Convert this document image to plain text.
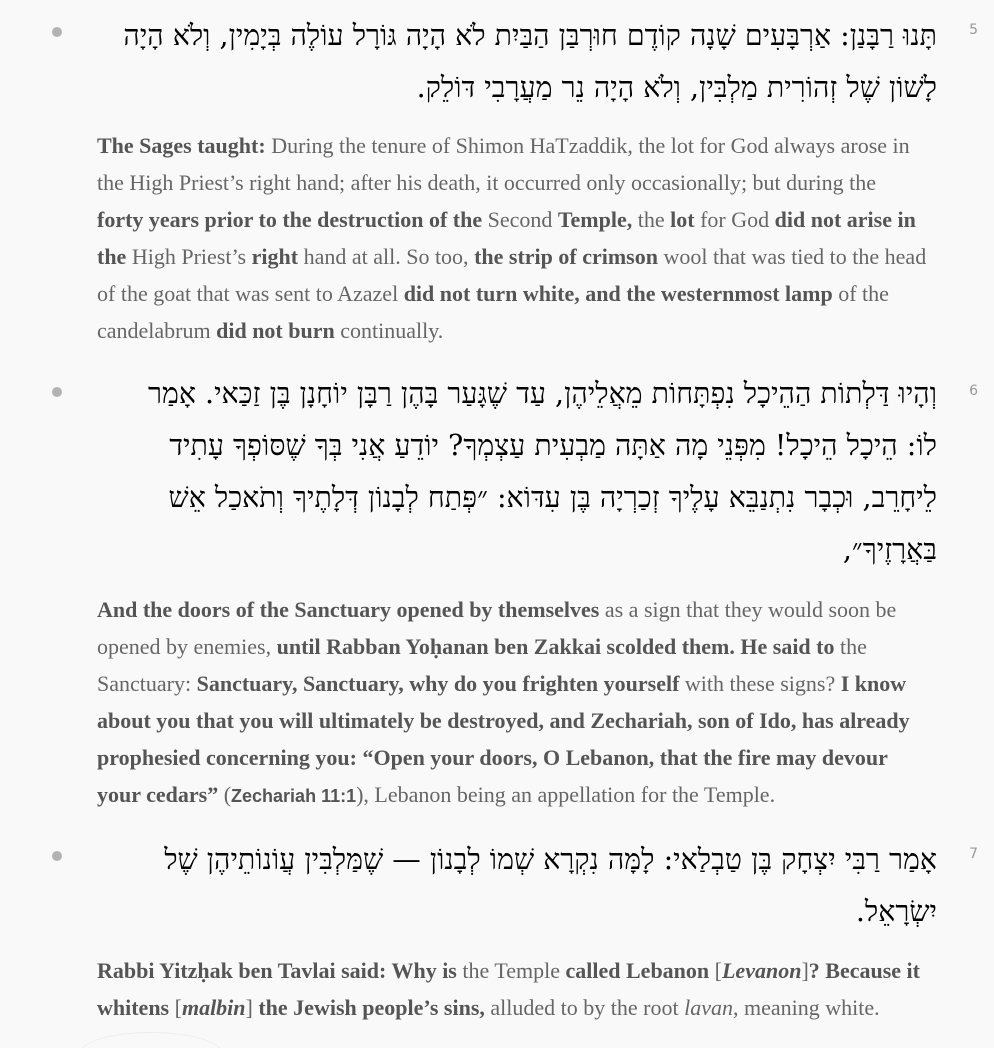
5
תָּנוּ רַבָּנַן: אַרְבָּעִים שָׁנָה קוֹדֶם חוּרְבַּן הַבַּיִת לֹא הָיָה גּוֹרָל עוֹלֶה בְּיָמִין, וְלֹא הָיָה
לָשׁוֹן שֶׁל זְהוֹרִית מַלְבִּין, וְלֹא הָיָה נֵר מַעֲרָבִי דּוֹלֵק.
The Sages taught: During the tenure of Shimon HaTzaddik, the lot for God always arose in
the High Priest’s right hand; after his death, it occurred only occasionally; but during the
forty years prior to the destruction of the Second Temple, the lot for God did not arise in
the High Priest’s right hand at all. So too, the strip of crimson wool that was tied to the head
of the goat that was sent to Azazel did not turn white, and the westernmost lamp of the
candelabrum did not burn continually.
6
וְהָיוּ דַּלְתוֹת הַהֵיכָל נִפְתָּחוֹת מֵאֲלֵיהֶן, עַד שֶׁגָּעַר בָּהֶן רַבָּן יוֹחָנָן בֶּן זַכַּאי. אָמַר
לוֹ: הֵיכָל הֵיכָל! מִפְּנֵי מָה אַתָּה מַבְעִית עַצְמְךָ? יוֹדֵעַ אֲנִי בְּךָ שֶׁסּוֹפְךָ עָתִיד
לֵיחָרֵב, וּכְבָר נִתְנַבֵּא עָלֶיךָ זְכַרְיָה בֶּן עִדּוֹא: ״פְּתַח לְבָנוֹן דְּלָתֶיךָ וְתֹאכַל אֵשׁ
בַּאֲרָזֶיךָ״,
And the doors of the Sanctuary opened by themselves as a sign that they would soon be
opened by enemies, until Rabban Yoḥanan ben Zakkai scolded them. He said to the
Sanctuary: Sanctuary, Sanctuary, why do you frighten yourself with these signs? I know
about you that you will ultimately be destroyed, and Zechariah, son of Ido, has already
prophesied concerning you: “Open your doors, O Lebanon, that the fire may devour
your cedars” (Zechariah 11:1), Lebanon being an appellation for the Temple.
7
אָמַר רַבִּי יִצְחָק בֶּן טַבְלַאי: לָמָּה נִקְרָא שְׁמוֹ לְבָנוֹן — שֶׁמַּלְבִּין עֲוֹנוֹתֵיהֶן שֶׁל
יִשְׂרָאֵל.
Rabbi Yitzḥak ben Tavlai said: Why is the Temple called Lebanon [Levanon]? Because it
whitens [malbin] the Jewish people’s sins, alluded to by the root lavan, meaning white.
